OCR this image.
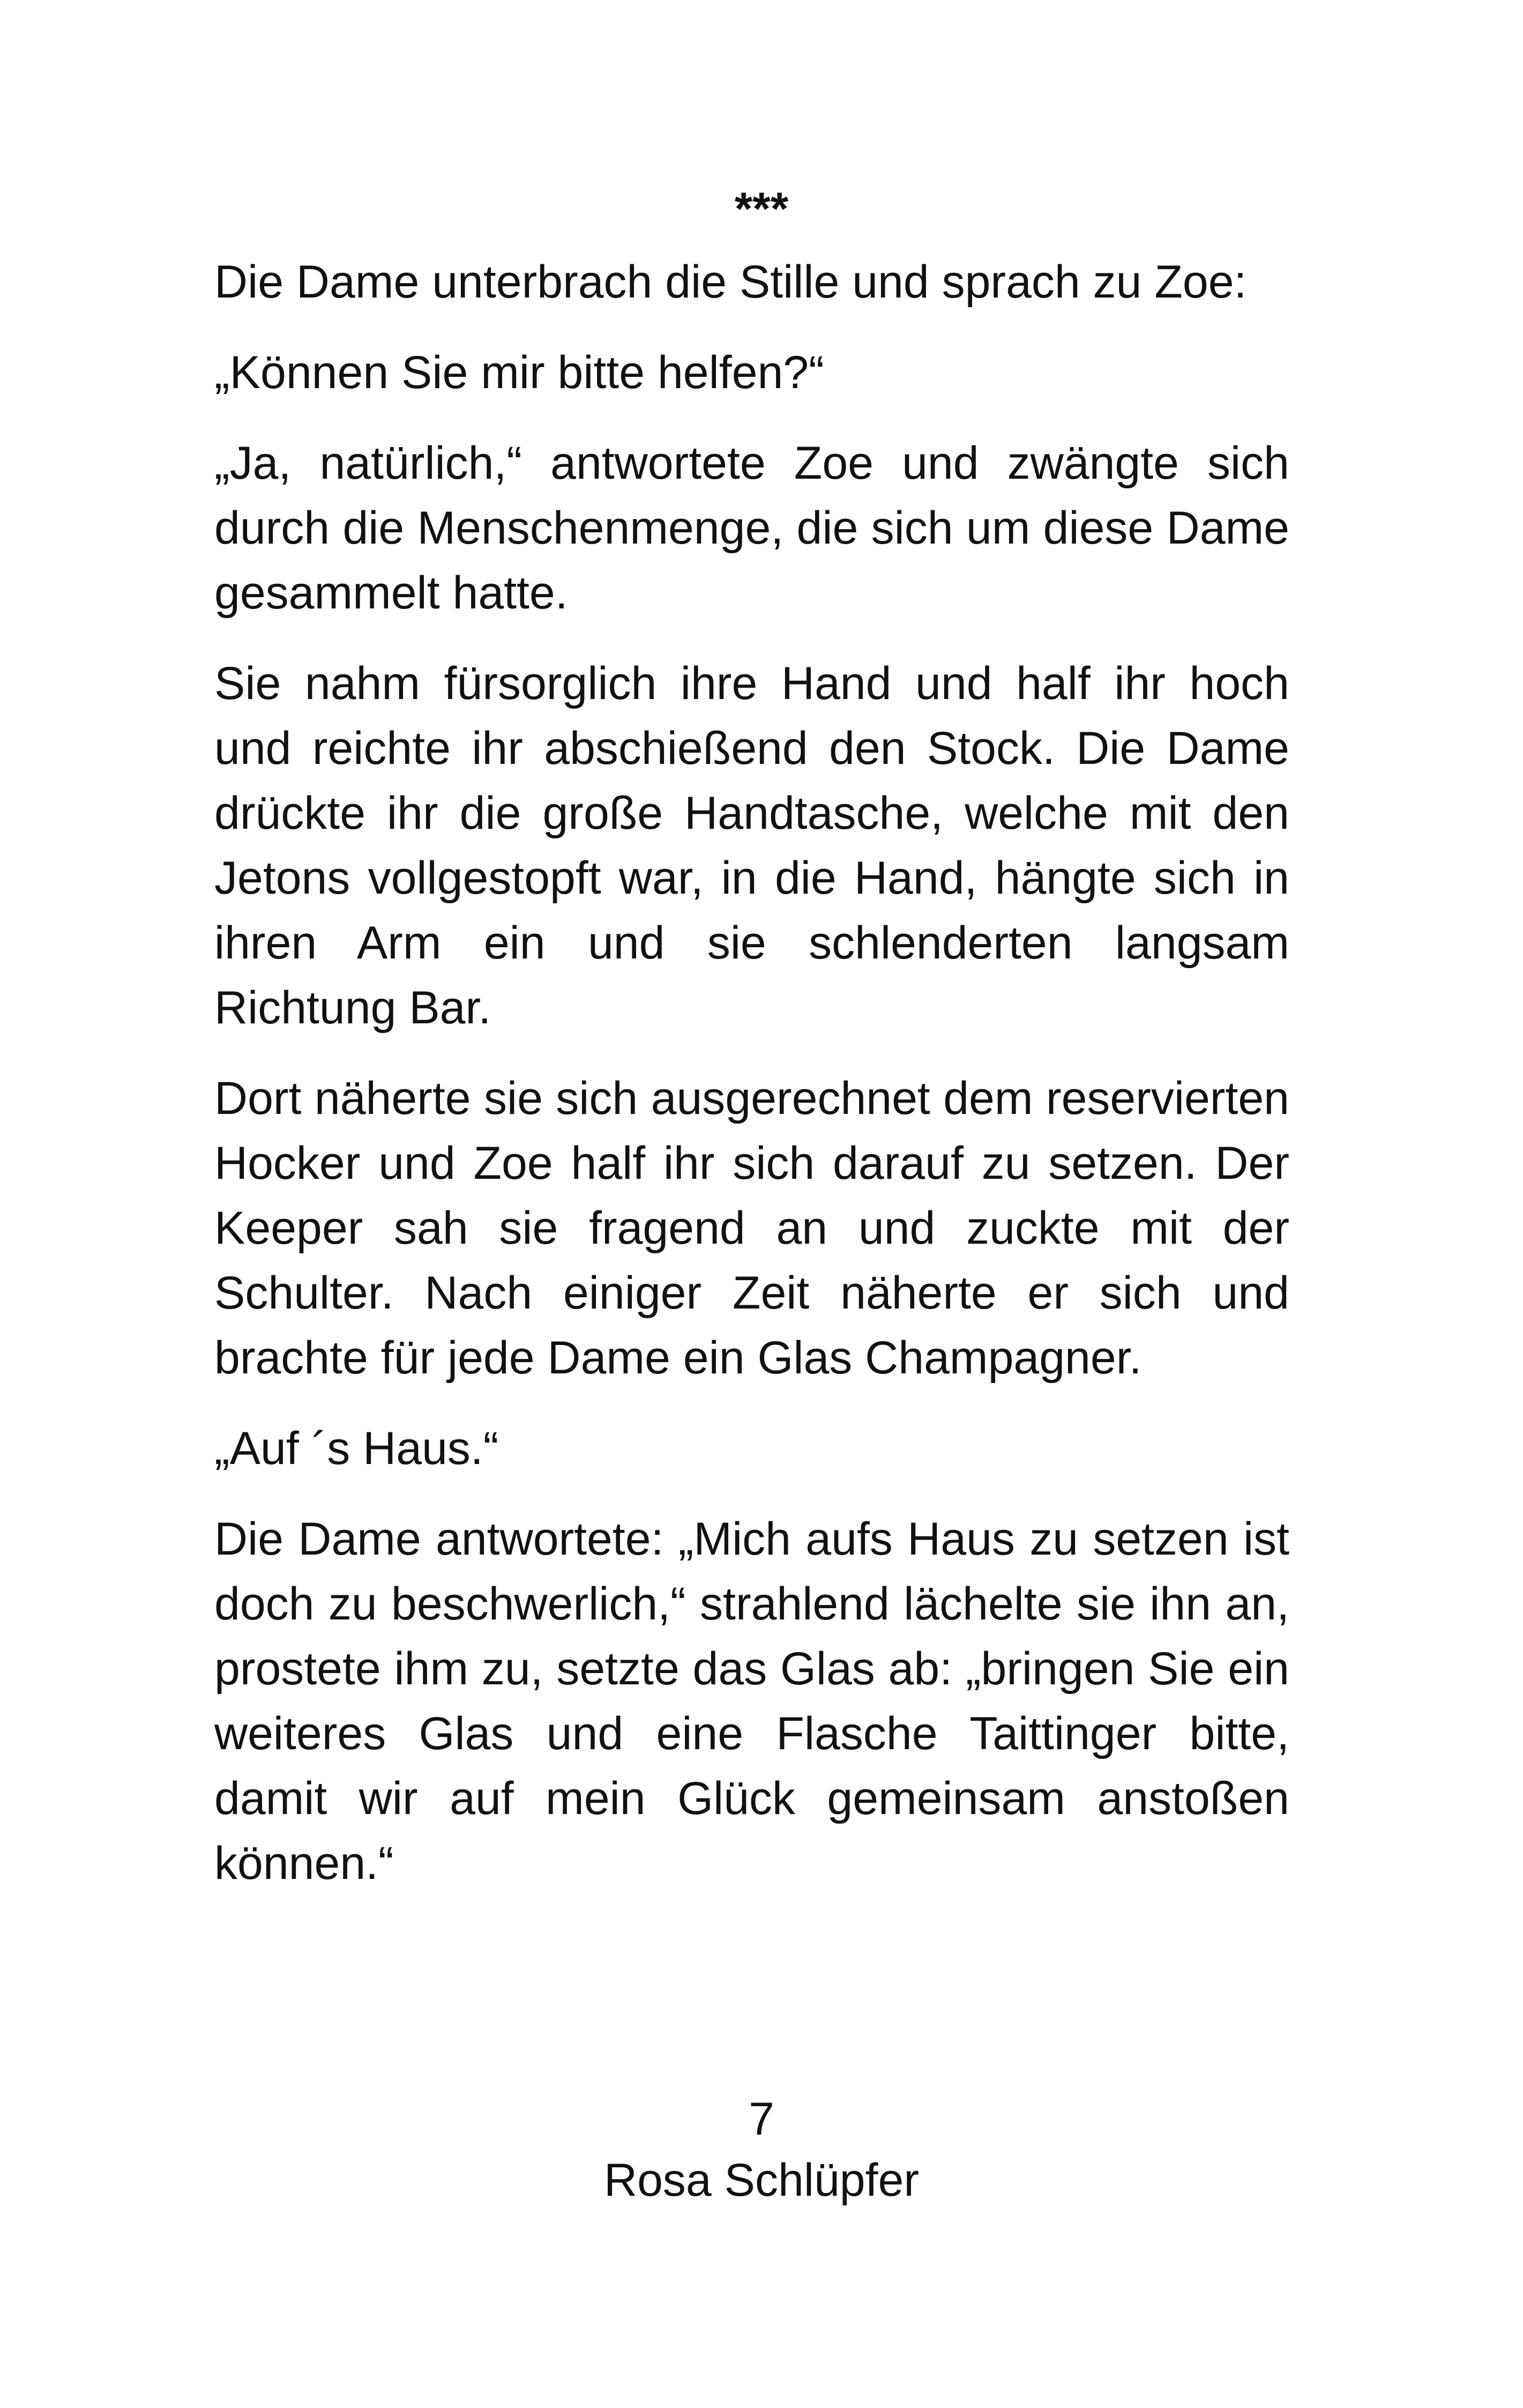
***

Die Dame unterbrach die Stille und sprach zu Zoe:

„Können Sie mir bitte helfen?“

„Ja, natürlich,“ antwortete Zoe und zwängte sich durch die Menschenmenge, die sich um diese Dame gesammelt hatte.

Sie nahm fürsorglich ihre Hand und half ihr hoch und reichte ihr abschießend den Stock. Die Dame drückte ihr die große Handtasche, welche mit den Jetons vollgestopft war, in die Hand, hängte sich in ihren Arm ein und sie schlenderten langsam Richtung Bar.

Dort näherte sie sich ausgerechnet dem reservierten Hocker und Zoe half ihr sich darauf zu setzen. Der Keeper sah sie fragend an und zuckte mit der Schulter. Nach einiger Zeit näherte er sich und brachte für jede Dame ein Glas Champagner.

„Auf ´s Haus.“

Die Dame antwortete: „Mich aufs Haus zu setzen ist doch zu beschwerlich,“ strahlend lächelte sie ihn an, prostete ihm zu, setzte das Glas ab: „bringen Sie ein weiteres Glas und eine Flasche Taittinger bitte, damit wir auf mein Glück gemeinsam anstoßen können.“

7
Rosa Schlüpfer
